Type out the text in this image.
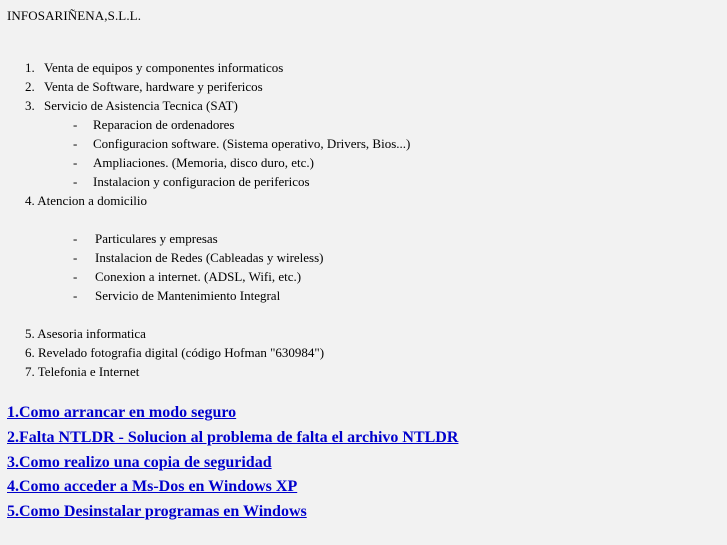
INFOSARIÑENA,S.L.L.
1. Venta de equipos y componentes informaticos
2. Venta de Software, hardware y perifericos
3. Servicio de Asistencia Tecnica (SAT)
- Reparacion de ordenadores
- Configuracion software. (Sistema operativo, Drivers, Bios...)
- Ampliaciones. (Memoria, disco duro, etc.)
- Instalacion y configuracion de perifericos
4. Atencion a domicilio
- Particulares y empresas
- Instalacion de Redes (Cableadas y wireless)
- Conexion a internet. (ADSL, Wifi, etc.)
- Servicio de Mantenimiento Integral
5. Asesoria informatica
6. Revelado fotografia digital (código Hofman "630984")
7. Telefonia e Internet
1.Como arrancar en modo seguro
2.Falta NTLDR - Solucion al problema de falta el archivo NTLDR
3.Como realizo una copia de seguridad
4.Como acceder a Ms-Dos en Windows XP
5.Como Desinstalar programas en Windows
